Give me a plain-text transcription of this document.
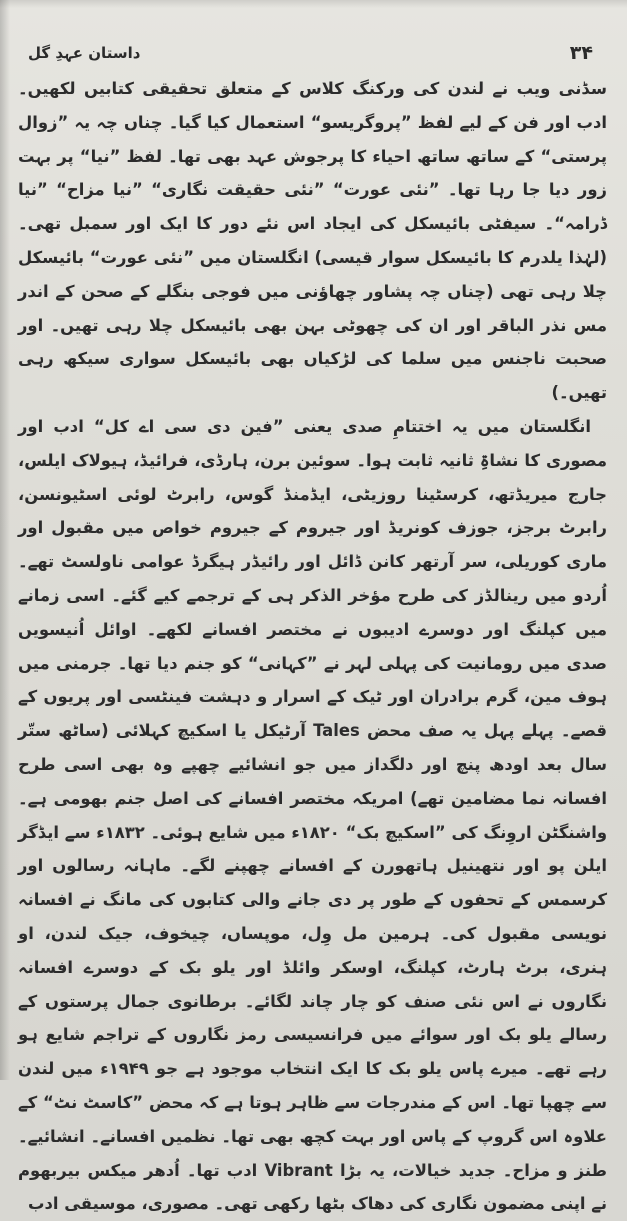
۳۴
داستان عہدِ گل

سڈنی ویب نے لندن کی ورکنگ کلاس کے متعلق تحقیقی کتابیں لکھیں۔ ادب اور فن کے لیے لفظ ”پروگریسو“ استعمال کیا گیا۔ چناں چہ یہ ”زوال پرستی“ کے ساتھ ساتھ احیاء کا پرجوش عہد بھی تھا۔ لفظ ”نیا“ پر بہت زور دیا جا رہا تھا۔ ”نئی عورت“ ”نئی حقیقت نگاری“ ”نیا مزاح“ ”نیا ڈرامہ“۔ سیفٹی بائیسکل کی ایجاد اس نئے دور کا ایک اور سمبل تھی۔ (لہٰذا یلدرم کا بائیسکل سوار قیسی) انگلستان میں ”نئی عورت“ بائیسکل چلا رہی تھی (چناں چہ پشاور چھاؤنی میں فوجی بنگلے کے صحن کے اندر مس نذر الباقر اور ان کی چھوٹی بہن بھی بائیسکل چلا رہی تھیں۔ اور صحبت ناجنس میں سلما کی لڑکیاں بھی بائیسکل سواری سیکھ رہی تھیں۔)

انگلستان میں یہ اختتامِ صدی یعنی ”فین دی سی اے کل“ ادب اور مصوری کا نشاۃِ ثانیہ ثابت ہوا۔ سوئین برن، ہارڈی، فرائیڈ، ہیولاک ایلس، جارج میریڈتھ، کرسٹینا روزیٹی، ایڈمنڈ گوس، رابرٹ لوئی اسٹیونسن، رابرٹ برجز، جوزف کونریڈ اور جیروم کے جیروم خواص میں مقبول اور ماری کوریلی، سر آرتھر کانن ڈائل اور رائیڈر ہیگرڈ عوامی ناولسٹ تھے۔ اُردو میں رینالڈز کی طرح مؤخر الذکر ہی کے ترجمے کیے گئے۔ اسی زمانے میں کپلنگ اور دوسرے ادیبوں نے مختصر افسانے لکھے۔ اوائل اُنیسویں صدی میں رومانیت کی پہلی لہر نے ”کہانی“ کو جنم دیا تھا۔ جرمنی میں ہوف مین، گرم برادران اور ٹیک کے اسرار و دہشت فینٹسی اور پریوں کے قصے۔ پہلے پہل یہ صف محض Tales آرٹیکل یا اسکیچ کہلائی (ساٹھ ستّر سال بعد اودھ پنچ اور دلگداز میں جو انشائیے چھپے وہ بھی اسی طرح افسانہ نما مضامین تھے) امریکہ مختصر افسانے کی اصل جنم بھومی ہے۔ واشنگٹن اروِنگ کی ”اسکیچ بک“ ۱۸۲۰ء میں شایع ہوئی۔ ۱۸۳۲ء سے ایڈگر ایلن پو اور نتھینیل ہاتھورن کے افسانے چھپنے لگے۔ ماہانہ رسالوں اور کرسمس کے تحفوں کے طور پر دی جانے والی کتابوں کی مانگ نے افسانہ نویسی مقبول کی۔ ہرمین مل وِل، موپساں، چیخوف، جیک لندن، او ہنری، برٹ ہارٹ، کپلنگ، اوسکر وائلڈ اور یلو بک کے دوسرے افسانہ نگاروں نے اس نئی صنف کو چار چاند لگائے۔ برطانوی جمال پرستوں کے رسالے یلو بک اور سوائے میں فرانسیسی رمز نگاروں کے تراجم شایع ہو رہے تھے۔ میرے پاس یلو بک کا ایک انتخاب موجود ہے جو ۱۹۴۹ء میں لندن سے چھپا تھا۔ اس کے مندرجات سے ظاہر ہوتا ہے کہ محض ”کاسٹ نٹ“ کے علاوہ اس گروپ کے پاس اور بہت کچھ بھی تھا۔ نظمیں افسانے۔ انشائیے۔ طنز و مزاح۔ جدید خیالات، یہ بڑا Vibrant ادب تھا۔ اُدھر میکس بیربھوم نے اپنی مضمون نگاری کی دھاک بٹھا رکھی تھی۔ مصوری، موسیقی ادب
